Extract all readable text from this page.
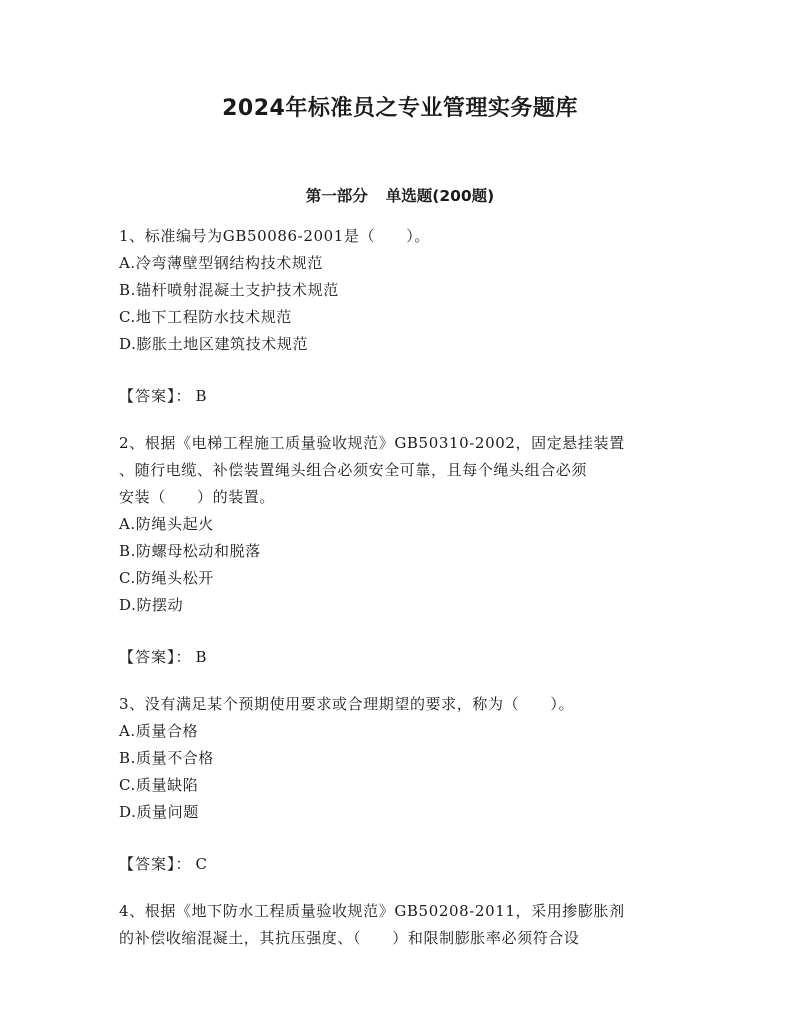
2024年标准员之专业管理实务题库
第一部分 单选题(200题)
1、标准编号为GB50086-2001是（　　）。
A.冷弯薄壁型钢结构技术规范
B.锚杆喷射混凝土支护技术规范
C.地下工程防水技术规范
D.膨胀土地区建筑技术规范
【答案】： B
2、根据《电梯工程施工质量验收规范》GB50310-2002，固定悬挂装置
、随行电缆、补偿装置绳头组合必须安全可靠，且每个绳头组合必须
安装（　　）的装置。
A.防绳头起火
B.防螺母松动和脱落
C.防绳头松开
D.防摆动
【答案】： B
3、没有满足某个预期使用要求或合理期望的要求，称为（　　）。
A.质量合格
B.质量不合格
C.质量缺陷
D.质量问题
【答案】： C
4、根据《地下防水工程质量验收规范》GB50208-2011，采用掺膨胀剂
的补偿收缩混凝土，其抗压强度、（　　）和限制膨胀率必须符合设
